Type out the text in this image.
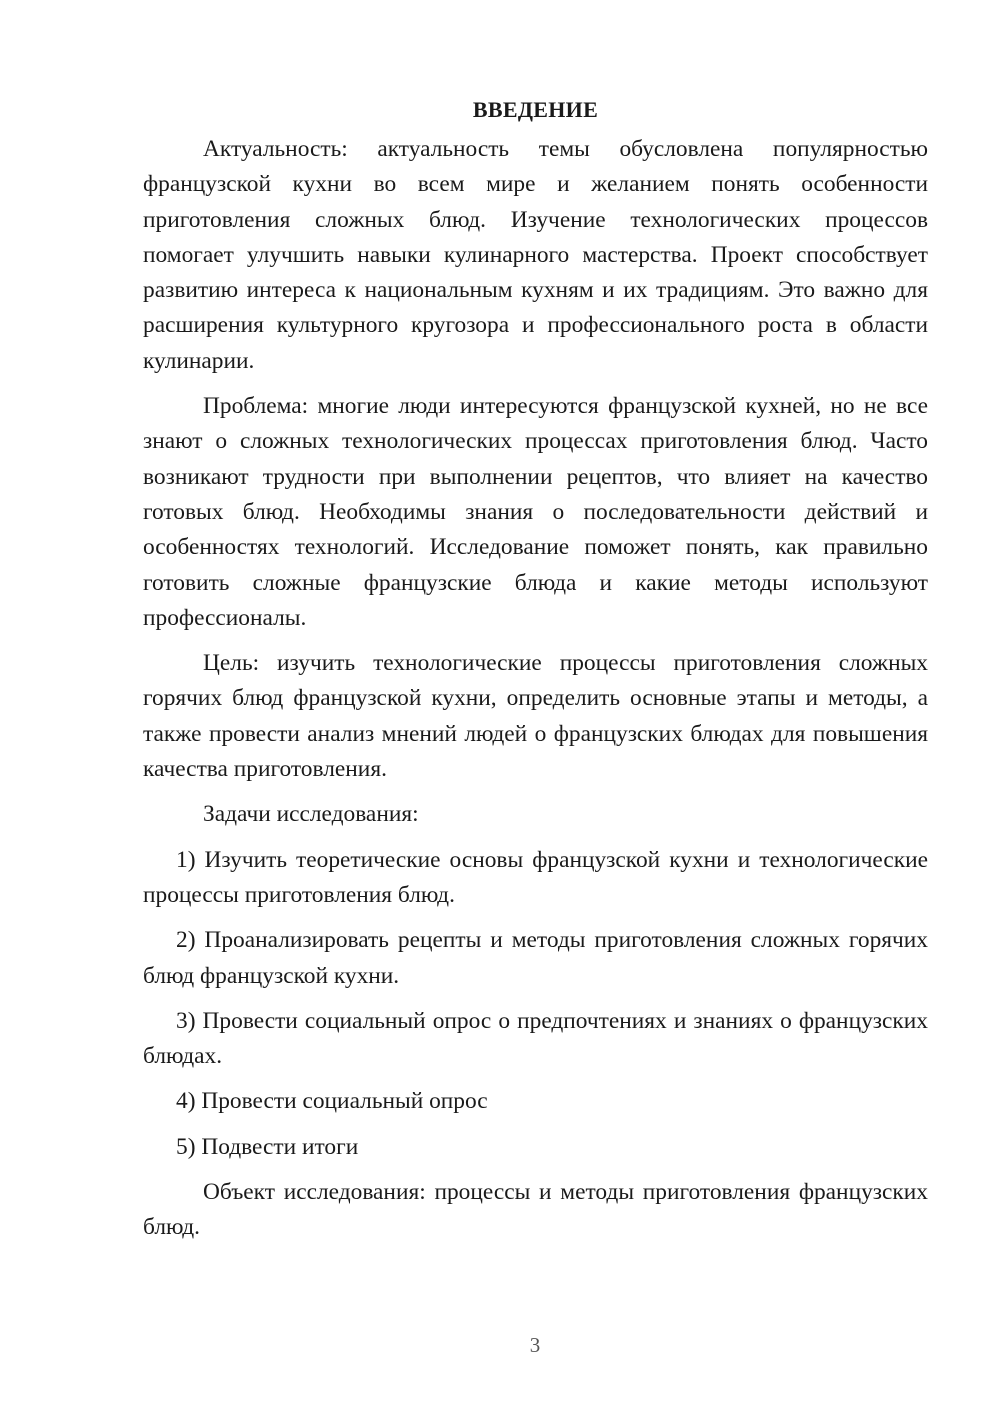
ВВЕДЕНИЕ

Актуальность: актуальность темы обусловлена популярностью французской кухни во всем мире и желанием понять особенности приготовления сложных блюд. Изучение технологических процессов помогает улучшить навыки кулинарного мастерства. Проект способствует развитию интереса к национальным кухням и их традициям. Это важно для расширения культурного кругозора и профессионального роста в области кулинарии.

Проблема: многие люди интересуются французской кухней, но не все знают о сложных технологических процессах приготовления блюд. Часто возникают трудности при выполнении рецептов, что влияет на качество готовых блюд. Необходимы знания о последовательности действий и особенностях технологий. Исследование поможет понять, как правильно готовить сложные французские блюда и какие методы используют профессионалы.

Цель: изучить технологические процессы приготовления сложных горячих блюд французской кухни, определить основные этапы и методы, а также провести анализ мнений людей о французских блюдах для повышения качества приготовления.

Задачи исследования:

1) Изучить теоретические основы французской кухни и технологические процессы приготовления блюд.

2) Проанализировать рецепты и методы приготовления сложных горячих блюд французской кухни.

3) Провести социальный опрос о предпочтениях и знаниях о французских блюдах.

4) Провести социальный опрос

5) Подвести итоги

Объект исследования: процессы и методы приготовления французских блюд.

3
